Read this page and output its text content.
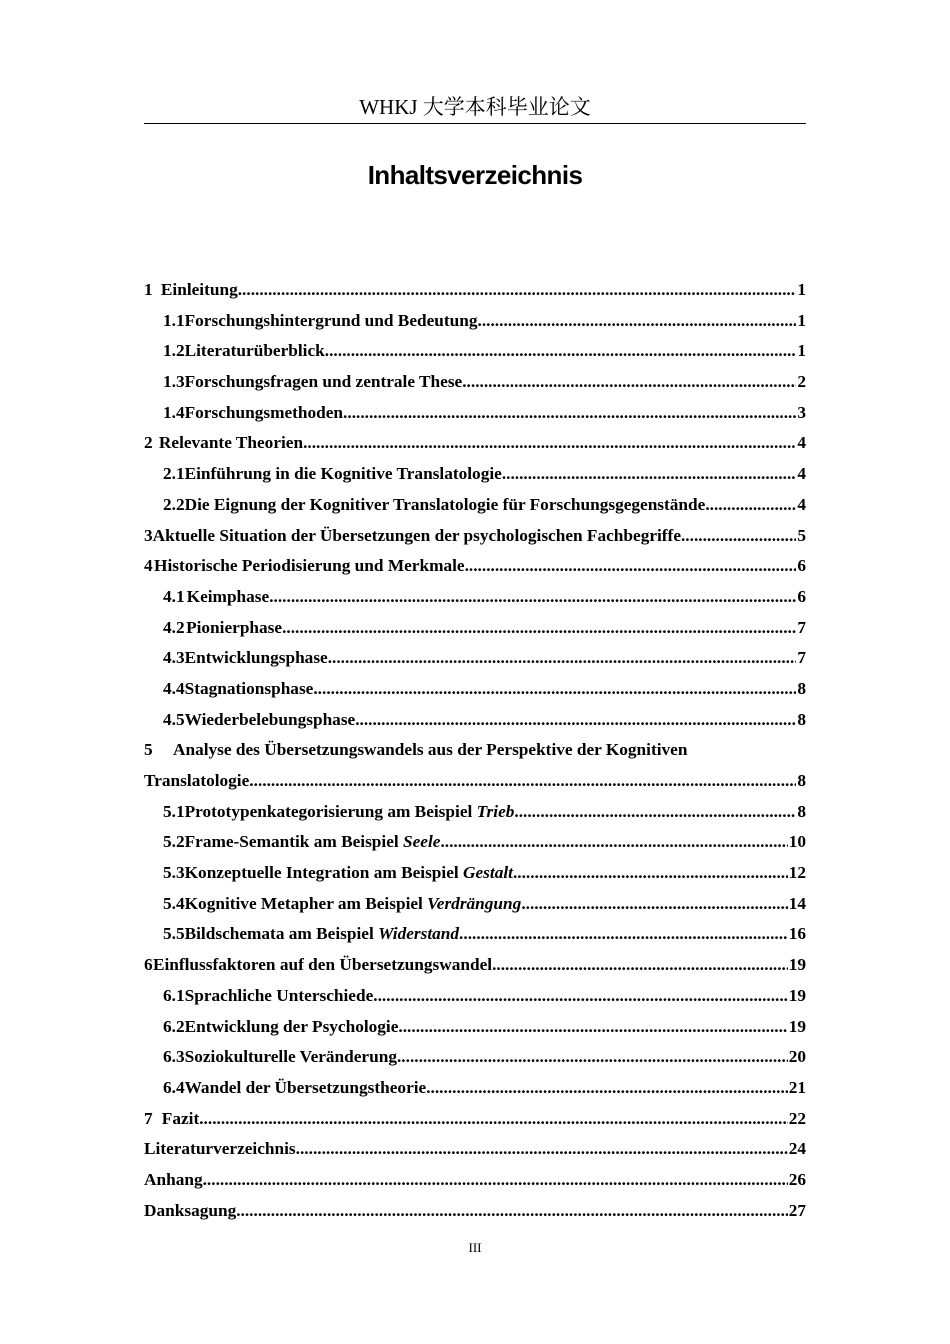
WHKJ 大学本科毕业论文
Inhaltsverzeichnis
1 Einleitung .....	1
1.1 Forschungshintergrund und Bedeutung .....	1
1.2 Literaturüberblick .....	1
1.3 Forschungsfragen und zentrale These .....	2
1.4 Forschungsmethoden .....	3
2 Relevante Theorien .....	4
2.1 Einführung in die Kognitive Translatologie .....	4
2.2 Die Eignung der Kognitiver Translatologie für Forschungsgegenstände .....	4
3 Aktuelle Situation der Übersetzungen der psychologischen Fachbegriffe .....	5
4 Historische Periodisierung und Merkmale .....	6
4.1 Keimphase .....	6
4.2 Pionierphase .....	7
4.3 Entwicklungsphase .....	7
4.4 Stagnationsphase .....	8
4.5 Wiederbelebungsphase .....	8
5	Analyse des Übersetzungswandels aus der Perspektive der Kognitiven
Translatologie .....	8
5.1 Prototypenkategorisierung am Beispiel Trieb .....	8
5.2 Frame-Semantik am Beispiel Seele .....	10
5.3 Konzeptuelle Integration am Beispiel Gestalt .....	12
5.4 Kognitive Metapher am Beispiel Verdrängung .....	14
5.5 Bildschemata am Beispiel Widerstand .....	16
6 Einflussfaktoren auf den Übersetzungswandel .....	19
6.1 Sprachliche Unterschiede .....	19
6.2 Entwicklung der Psychologie .....	19
6.3 Soziokulturelle Veränderung .....	20
6.4 Wandel der Übersetzungstheorie .....	21
7 Fazit .....	22
Literaturverzeichnis .....	24
Anhang .....	26
Danksagung .....	27
III
